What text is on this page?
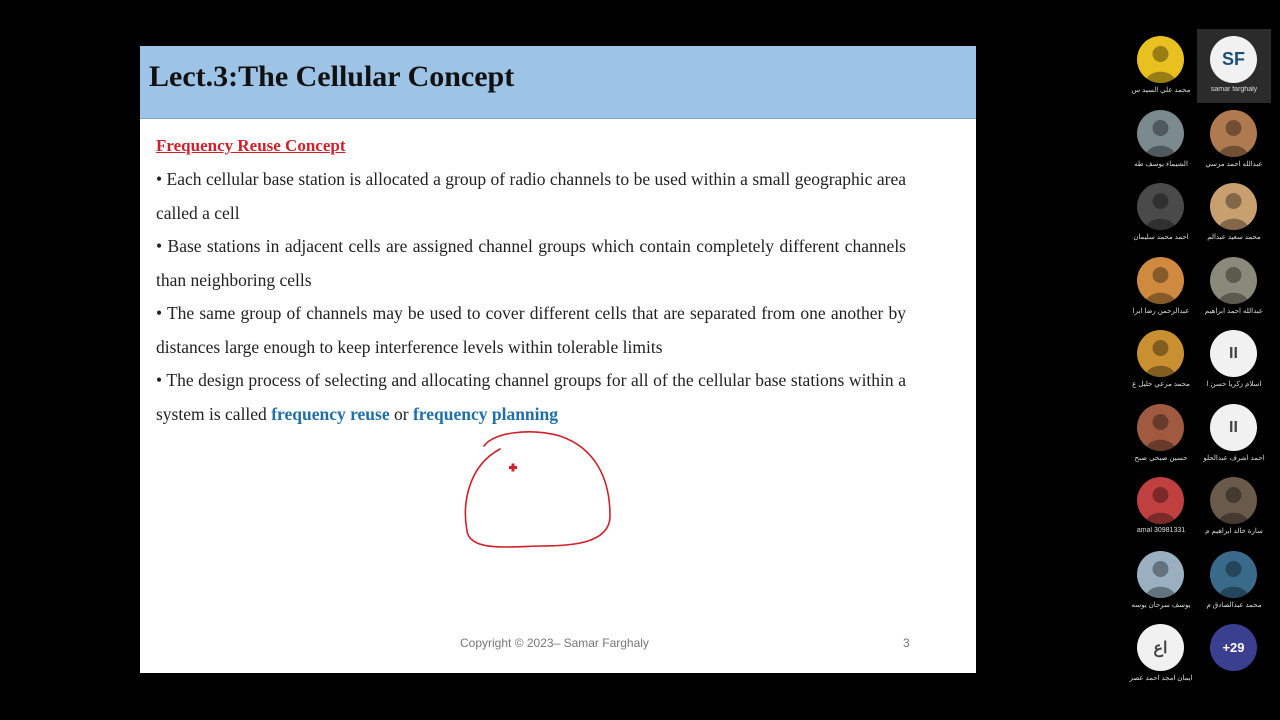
Lect.3:The Cellular Concept
Frequency Reuse Concept
• Each cellular base station is allocated a group of radio channels to be used within a small geographic area called a cell
• Base stations in adjacent cells are assigned channel groups which contain completely different channels than neighboring cells
• The same group of channels may be used to cover different cells that are separated from one another by distances large enough to keep interference levels within tolerable limits
• The design process of selecting and allocating channel groups for all of the cellular base stations within a system is called frequency reuse or frequency planning
Copyright © 2023– Samar Farghaly	3
محمد علي السيد س
SF
samar farghaly
الشيماء يوسف طه	عبدالله احمد مرسي
احمد محمد سليمان	محمد سعيد عبدالم
عبدالرحمن رضا ابرا	عبدالله احمد ابراهيم
محمد مرعي خليل ع
II
اسلام زكريا حسن ا
حسين صبحي صبح
II
احمد اشرف عبدالحلو
amal 30981331	سارة خالد ابراهيم م
يوسف سرحان يوسه	محمد عبدالصادق م
اع
ايمان امجد احمد عصر
+29
